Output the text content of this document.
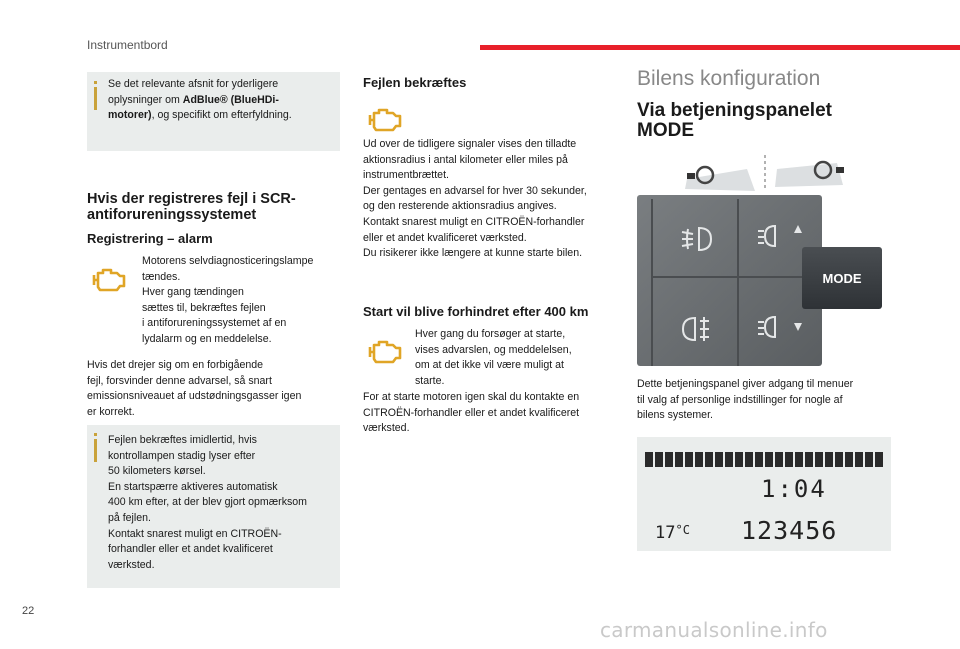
Instrumentbord

Se det relevante afsnit for yderligere
oplysninger om AdBlue® (BlueHDi-
motorer), og specifikt om efterfyldning.

Hvis der registreres fejl i SCR-
antiforureningssystemet
Registrering – alarm

Motorens selvdiagnosticeringslampe
tændes.
Hver gang tændingen
sættes til, bekræftes fejlen
i antiforureningssystemet af en
lydalarm og en meddelelse.

Hvis det drejer sig om en forbigående
fejl, forsvinder denne advarsel, så snart
emissionsniveauet af udstødningsgasser igen
er korrekt.

Fejlen bekræftes imidlertid, hvis
kontrollampen stadig lyser efter
50 kilometers kørsel.
En startspærre aktiveres automatisk
400 km efter, at der blev gjort opmærksom
på fejlen.
Kontakt snarest muligt en CITROËN-
forhandler eller et andet kvalificeret
værksted.

Fejlen bekræftes

Ud over de tidligere signaler vises den tilladte
aktionsradius i antal kilometer eller miles på
instrumentbrættet.
Der gentages en advarsel for hver 30 sekunder,
og den resterende aktionsradius angives.
Kontakt snarest muligt en CITROËN-forhandler
eller et andet kvalificeret værksted.
Du risikerer ikke længere at kunne starte bilen.

Start vil blive forhindret efter 400 km

Hver gang du forsøger at starte,
vises advarslen, og meddelelsen,
om at det ikke vil være muligt at
starte.

For at starte motoren igen skal du kontakte en
CITROËN-forhandler eller et andet kvalificeret
værksted.

Bilens konfiguration
Via betjeningspanelet
MODE
MODE

Dette betjeningspanel giver adgang til menuer
til valg af personlige indstillinger for nogle af
bilens systemer.

1:04
$17^{^\circ C}$ 123456
22
carmanualsonline.info
